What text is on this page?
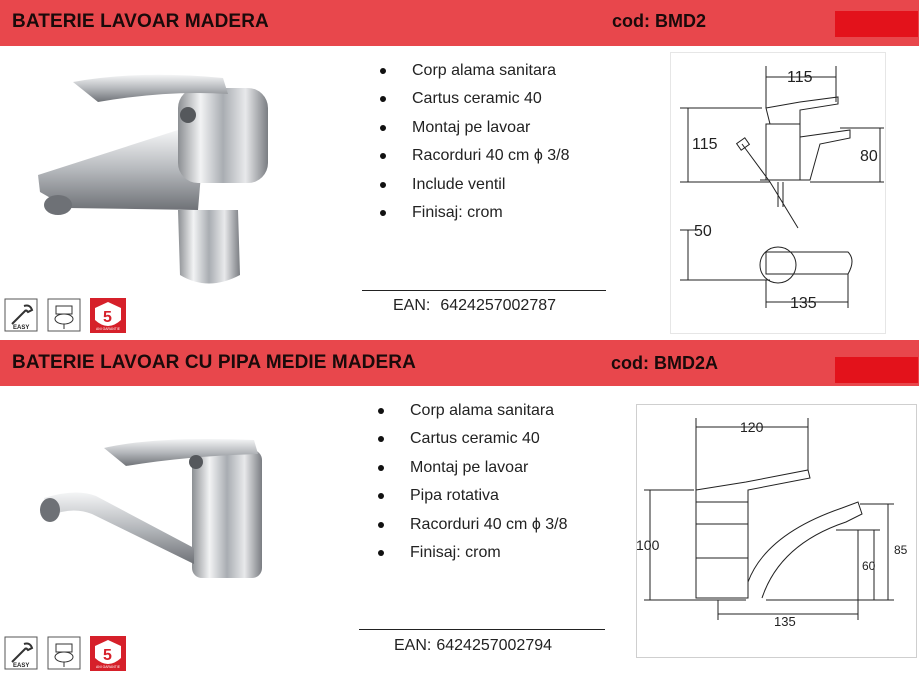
BATERIE LAVOAR MADERA	cod: BMD2
Corp alama sanitara
Cartus ceramic 40
Montaj pe lavoar
Racorduri 40 cm ϕ 3/8
Include ventil
Finisaj: crom
EAN: 6424257002787
115
115
80
50
135
EASY
5
ANI GARANTIE
BATERIE LAVOAR CU PIPA MEDIE MADERA	cod: BMD2A
Corp alama sanitara
Cartus ceramic 40
Montaj pe lavoar
Pipa rotativa
Racorduri 40 cm ϕ 3/8
Finisaj: crom
EAN: 6424257002794
120
100	85
60
135
EASY
5
ANI GARANTIE
